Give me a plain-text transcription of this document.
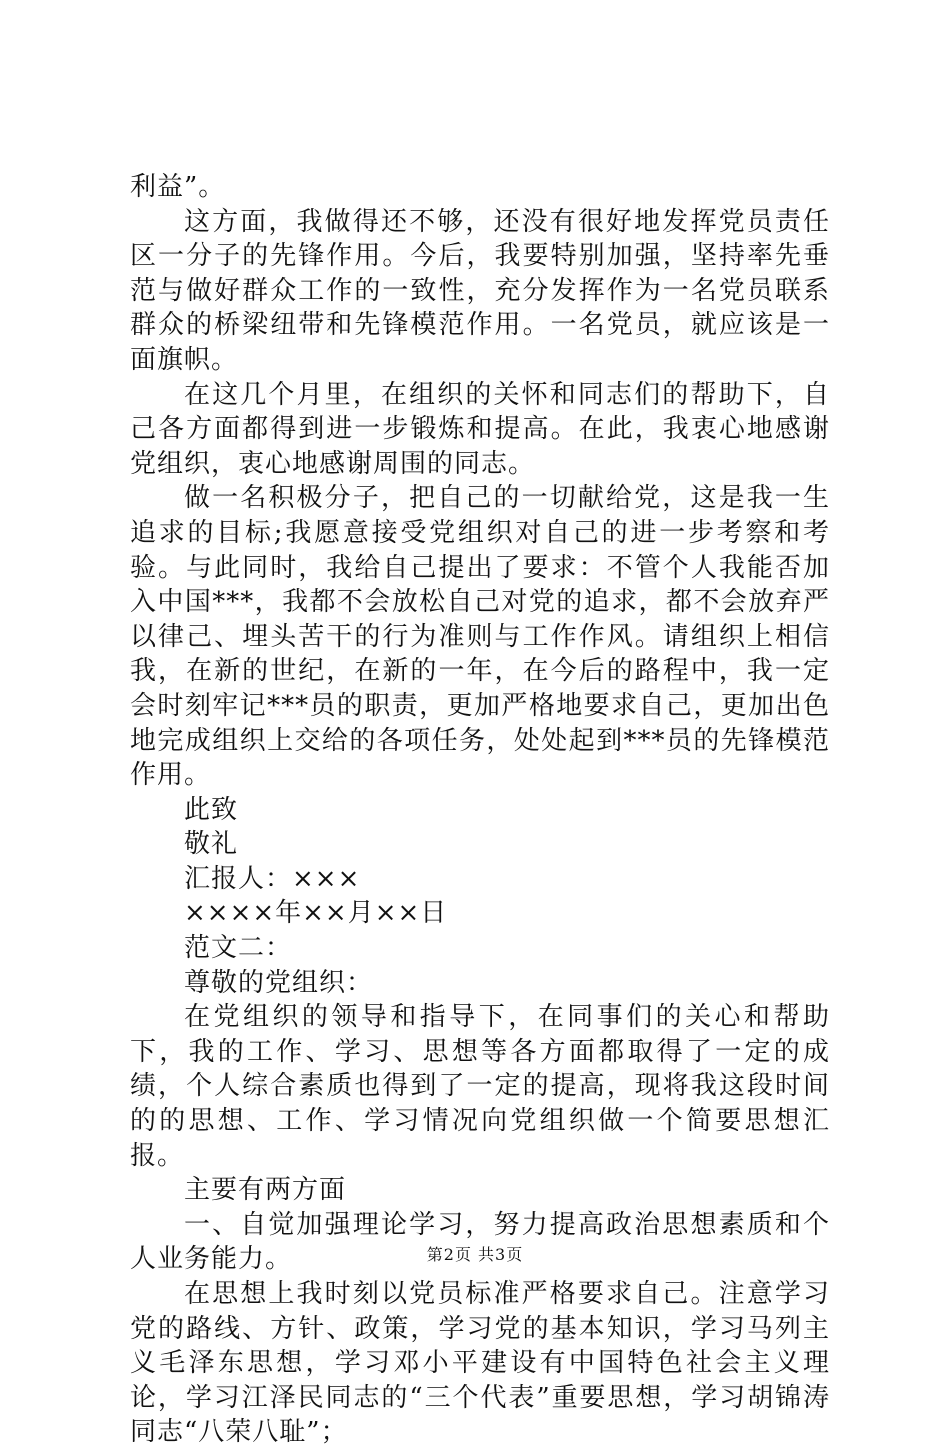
利益”。

这方面，我做得还不够，还没有很好地发挥党员责任区一分子的先锋作用。今后，我要特别加强，坚持率先垂范与做好群众工作的一致性，充分发挥作为一名党员联系群众的桥梁纽带和先锋模范作用。一名党员，就应该是一面旗帜。

在这几个月里，在组织的关怀和同志们的帮助下，自己各方面都得到进一步锻炼和提高。在此，我衷心地感谢党组织，衷心地感谢周围的同志。

做一名积极分子，把自己的一切献给党，这是我一生追求的目标;我愿意接受党组织对自己的进一步考察和考验。与此同时，我给自己提出了要求：不管个人我能否加入中国***，我都不会放松自己对党的追求，都不会放弃严以律己、埋头苦干的行为准则与工作作风。请组织上相信我，在新的世纪，在新的一年，在今后的路程中，我一定会时刻牢记***员的职责，更加严格地要求自己，更加出色地完成组织上交给的各项任务，处处起到***员的先锋模范作用。

此致

敬礼

汇报人：×××

××××年××月××日

范文二：

尊敬的党组织：

在党组织的领导和指导下，在同事们的关心和帮助下，我的工作、学习、思想等各方面都取得了一定的成绩，个人综合素质也得到了一定的提高，现将我这段时间的的思想、工作、学习情况向党组织做一个简要思想汇报。

主要有两方面

一、自觉加强理论学习，努力提高政治思想素质和个人业务能力。

在思想上我时刻以党员标准严格要求自己。注意学习党的路线、方针、政策，学习党的基本知识，学习马列主义毛泽东思想，学习邓小平建设有中国特色社会主义理论，学习江泽民同志的“三个代表”重要思想，学习胡锦涛同志“八荣八耻”；

第2页 共3页
